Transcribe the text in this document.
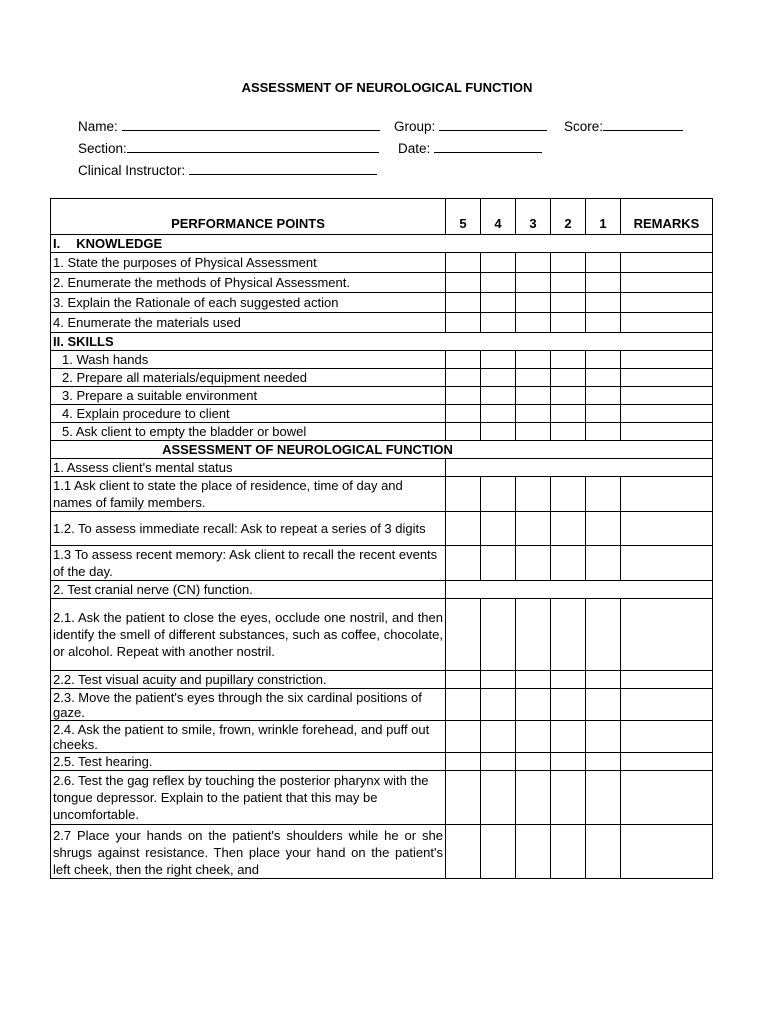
ASSESSMENT OF NEUROLOGICAL FUNCTION
Name:	Group:	Score:
Section:	Date:
Clinical Instructor:
PERFORMANCE POINTS	5	4	3	2	1	REMARKS
I. KNOWLEDGE						
1. State the purposes of Physical Assessment						
2. Enumerate the methods of Physical Assessment.						
3. Explain the Rationale of each suggested action						
4. Enumerate the materials used						
II. SKILLS						
1. Wash hands						
2. Prepare all materials/equipment needed						
3. Prepare a suitable environment						
4. Explain procedure to client						
5. Ask client to empty the bladder or bowel						
ASSESSMENT OF NEUROLOGICAL FUNCTION						
1. Assess client's mental status						
1.1 Ask client to state the place of residence, time of day and names of family members.						
1.2. To assess immediate recall: Ask to repeat a series of 3 digits						
1.3 To assess recent memory: Ask client to recall the recent events of the day.						
2. Test cranial nerve (CN) function.						
2.1. Ask the patient to close the eyes, occlude one nostril, and then identify the smell of different substances, such as coffee, chocolate, or alcohol. Repeat with another nostril.						
2.2. Test visual acuity and pupillary constriction.						
2.3. Move the patient's eyes through the six cardinal positions of gaze.						
2.4. Ask the patient to smile, frown, wrinkle forehead, and puff out cheeks.						
2.5. Test hearing.						
2.6. Test the gag reflex by touching the posterior pharynx with the tongue depressor. Explain to the patient that this may be uncomfortable.						
2.7 Place your hands on the patient's shoulders while he or she shrugs against resistance. Then place your hand on the patient's left cheek, then the right cheek, and						
